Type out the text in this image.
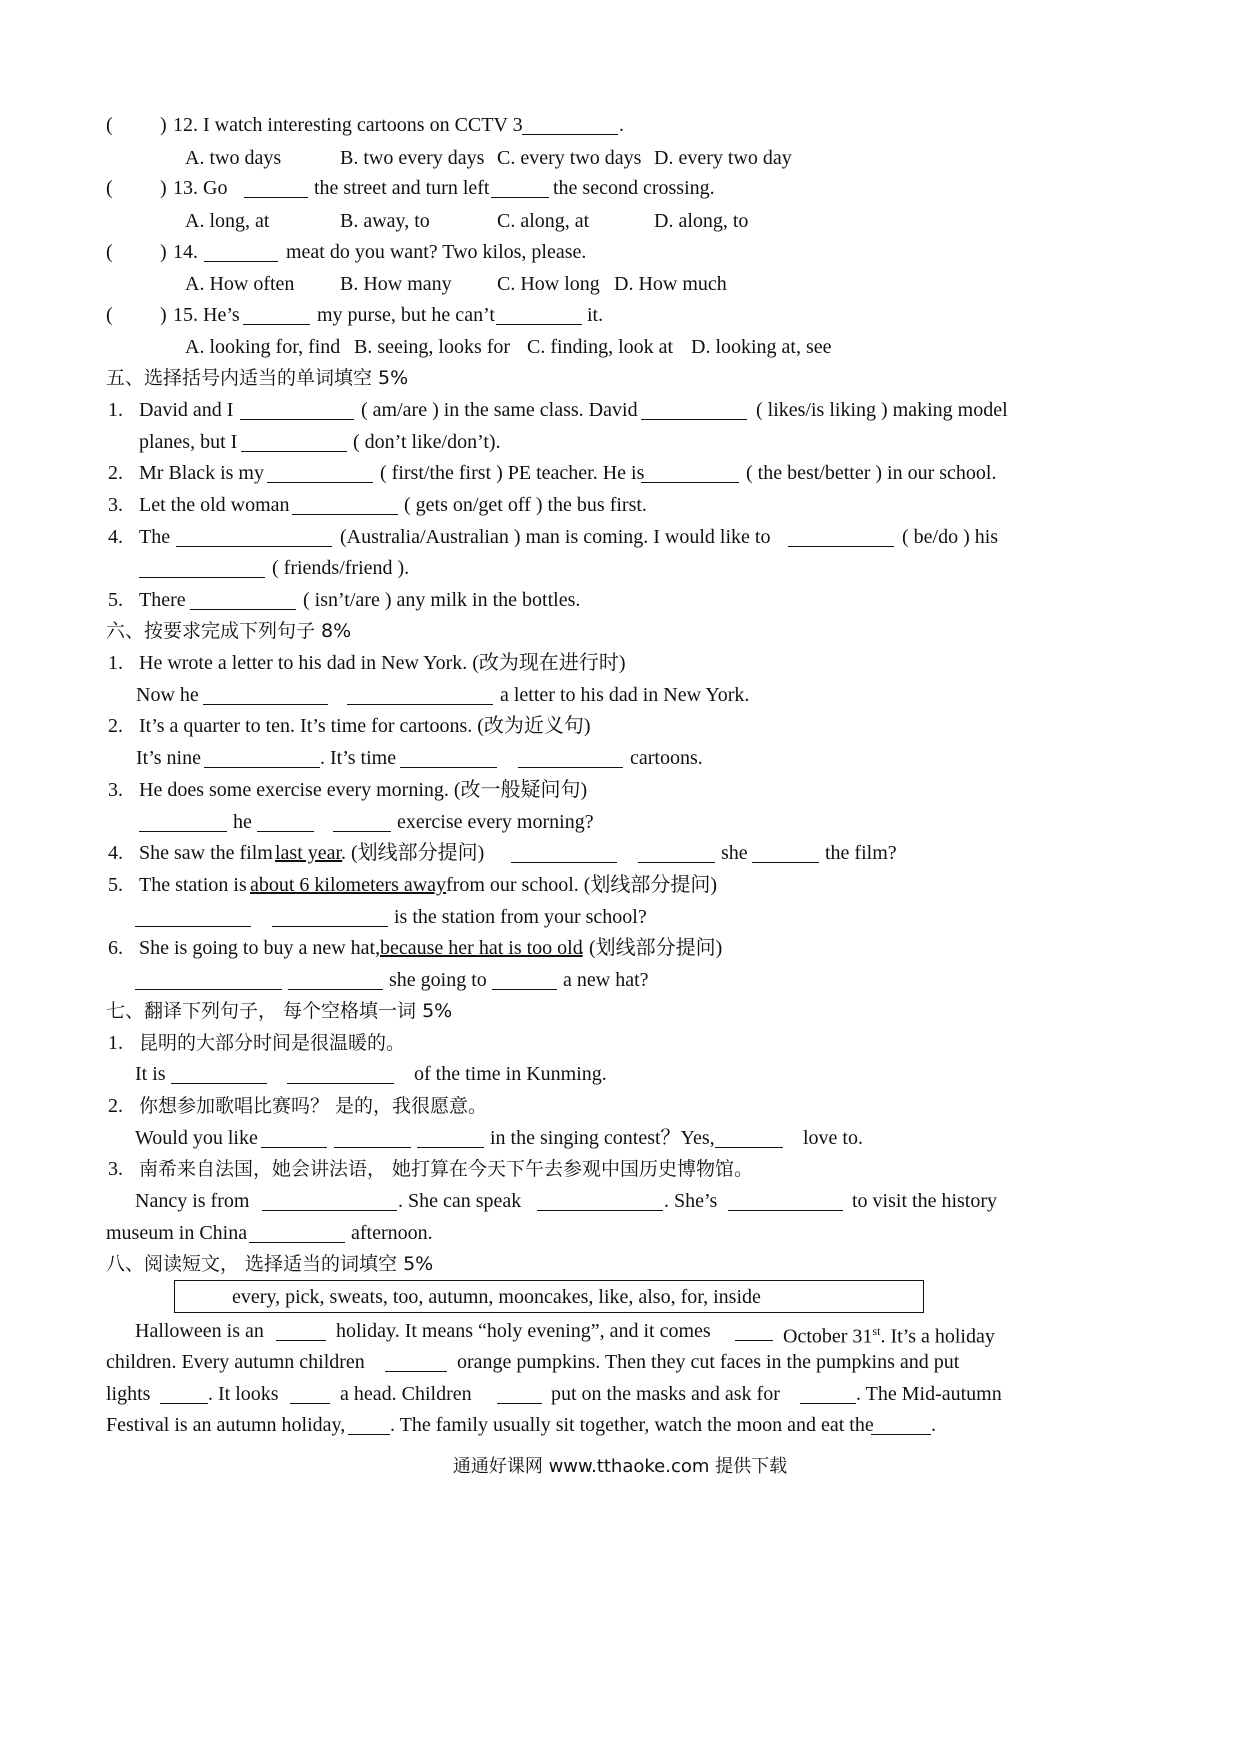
( ) 12. I watch interesting cartoons on CCTV 3	.
A. two days	B. two every days C. every two days D. every two day
( ) 13. Go	the street and turn left	the second crossing.
A. long, at	B. away, to	C. along, at	D. along, to
( ) 14.	meat do you want? Two kilos, please.
A. How often B. How many C. How long D. How much
( ) 15. He’s	my purse, but he can’t	it.
A. looking for, find B. seeing, looks for C. finding, look at D. looking at, see
五、选择括号内适当的单词填空 5%
1. David and I	( am/are ) in the same class. David	( likes/is liking ) making model
planes, but I	( don’t like/don’t).
2. Mr Black is my	( first/the first ) PE teacher. He is	( the best/better ) in our school.
3. Let the old woman	( gets on/get off ) the bus first.
4. The	(Australia/Australian ) man is coming. I would like to	( be/do ) his
( friends/friend ).
5. There	( isn’t/are ) any milk in the bottles.
六、按要求完成下列句子 8%
1. He wrote a letter to his dad in New York. (改为现在进行时)
Now he	a letter to his dad in New York.
2. It’s a quarter to ten. It’s time for cartoons. (改为近义句)
It’s nine	. It’s time	cartoons.
3. He does some exercise every morning. (改一般疑问句)
he	exercise every morning?
4. She saw the film last year
. (划线部分提问)	she	the film?
5. The station is about 6 kilometers away from our school. (划线部分提问)
is the station from your school?
6. She is going to buy a new hat, because her hat is too old
. (划线部分提问)
she going to	a new hat?
七、翻译下列句子， 每个空格填一词 5%
1. 昆明的大部分时间是很温暖的。
It is	of the time in Kunming.
2. 你想参加歌唱比赛吗？ 是的，我很愿意。
Would you like	in the singing contest？Yes,	love to.
3. 南希来自法国，她会讲法语， 她打算在今天下午去参观中国历史博物馆。
Nancy is from	. She can speak	. She’s	to visit the history
museum in China	afternoon.
八、阅读短文， 选择适当的词填空 5%
every, pick, sweats, too, autumn, mooncakes, like, also, for, inside
Halloween is an	holiday. It means “holy evening”, and it comes	October 31st. It’s a holiday
children. Every autumn children	orange pumpkins. Then they cut faces in the pumpkins and put
lights	. It looks	a head. Children	put on the masks and ask for	. The Mid-autumn
Festival is an autumn holiday, . The family usually sit together, watch the moon and eat the	.
通通好课网 www.tthaoke.com 提供下载
